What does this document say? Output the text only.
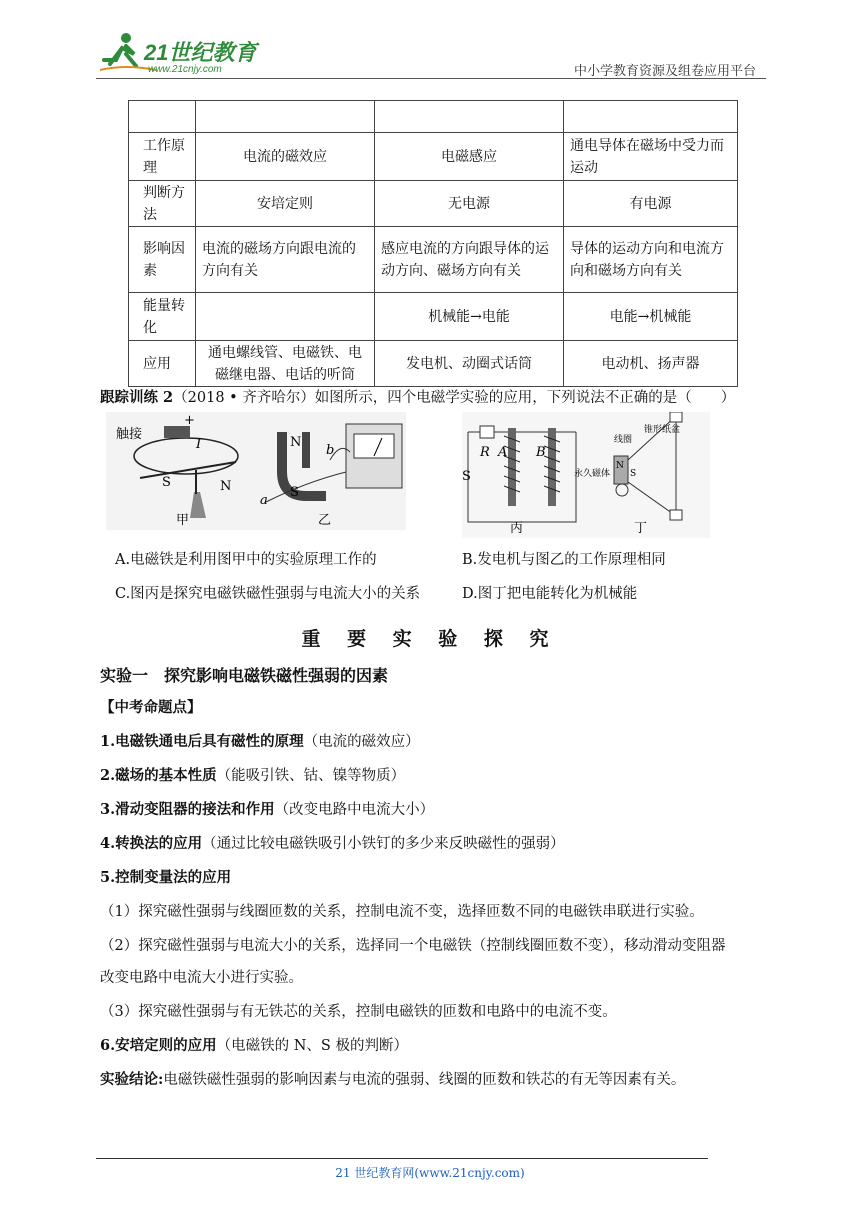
21世纪教育
www.21cnjy.com	中小学教育资源及组卷应用平台

工作原理	电流的磁效应	电磁感应	通电导体在磁场中受力而运动
判断方法	安培定则	无电源	有电源
影响因素	电流的磁场方向跟电流的方向有关	感应电流的方向跟导体的运动方向、磁场方向有关	导体的运动方向和电流方向和磁场方向有关
能量转化		机械能→电能	电能→机械能
应用	通电螺线管、电磁铁、电磁继电器、电话的听筒	发电机、动圈式话筒	电动机、扬声器
跟踪训练 2（2018 • 齐齐哈尔）如图所示，四个电磁学实验的应用，下列说法不正确的是（　　）
触接
+
I
N
S
甲
N
S
a
b
乙
R A B
S
丙
线圈
锥形纸盆
永久磁体
N
S
丁
A.电磁铁是利用图甲中的实验原理工作的	B.发电机与图乙的工作原理相同
C.图丙是探究电磁铁磁性强弱与电流大小的关系	D.图丁把电能转化为机械能
重 要 实 验 探 究
实验一　探究影响电磁铁磁性强弱的因素
【中考命题点】
1.电磁铁通电后具有磁性的原理（电流的磁效应）
2.磁场的基本性质（能吸引铁、钴、镍等物质）
3.滑动变阻器的接法和作用（改变电路中电流大小）
4.转换法的应用（通过比较电磁铁吸引小铁钉的多少来反映磁性的强弱）
5.控制变量法的应用
（1）探究磁性强弱与线圈匝数的关系，控制电流不变，选择匝数不同的电磁铁串联进行实验。
（2）探究磁性强弱与电流大小的关系，选择同一个电磁铁（控制线圈匝数不变），移动滑动变阻器
改变电路中电流大小进行实验。
（3）探究磁性强弱与有无铁芯的关系，控制电磁铁的匝数和电路中的电流不变。
6.安培定则的应用（电磁铁的 N、S 极的判断）
实验结论:电磁铁磁性强弱的影响因素与电流的强弱、线圈的匝数和铁芯的有无等因素有关。
21 世纪教育网(www.21cnjy.com)
